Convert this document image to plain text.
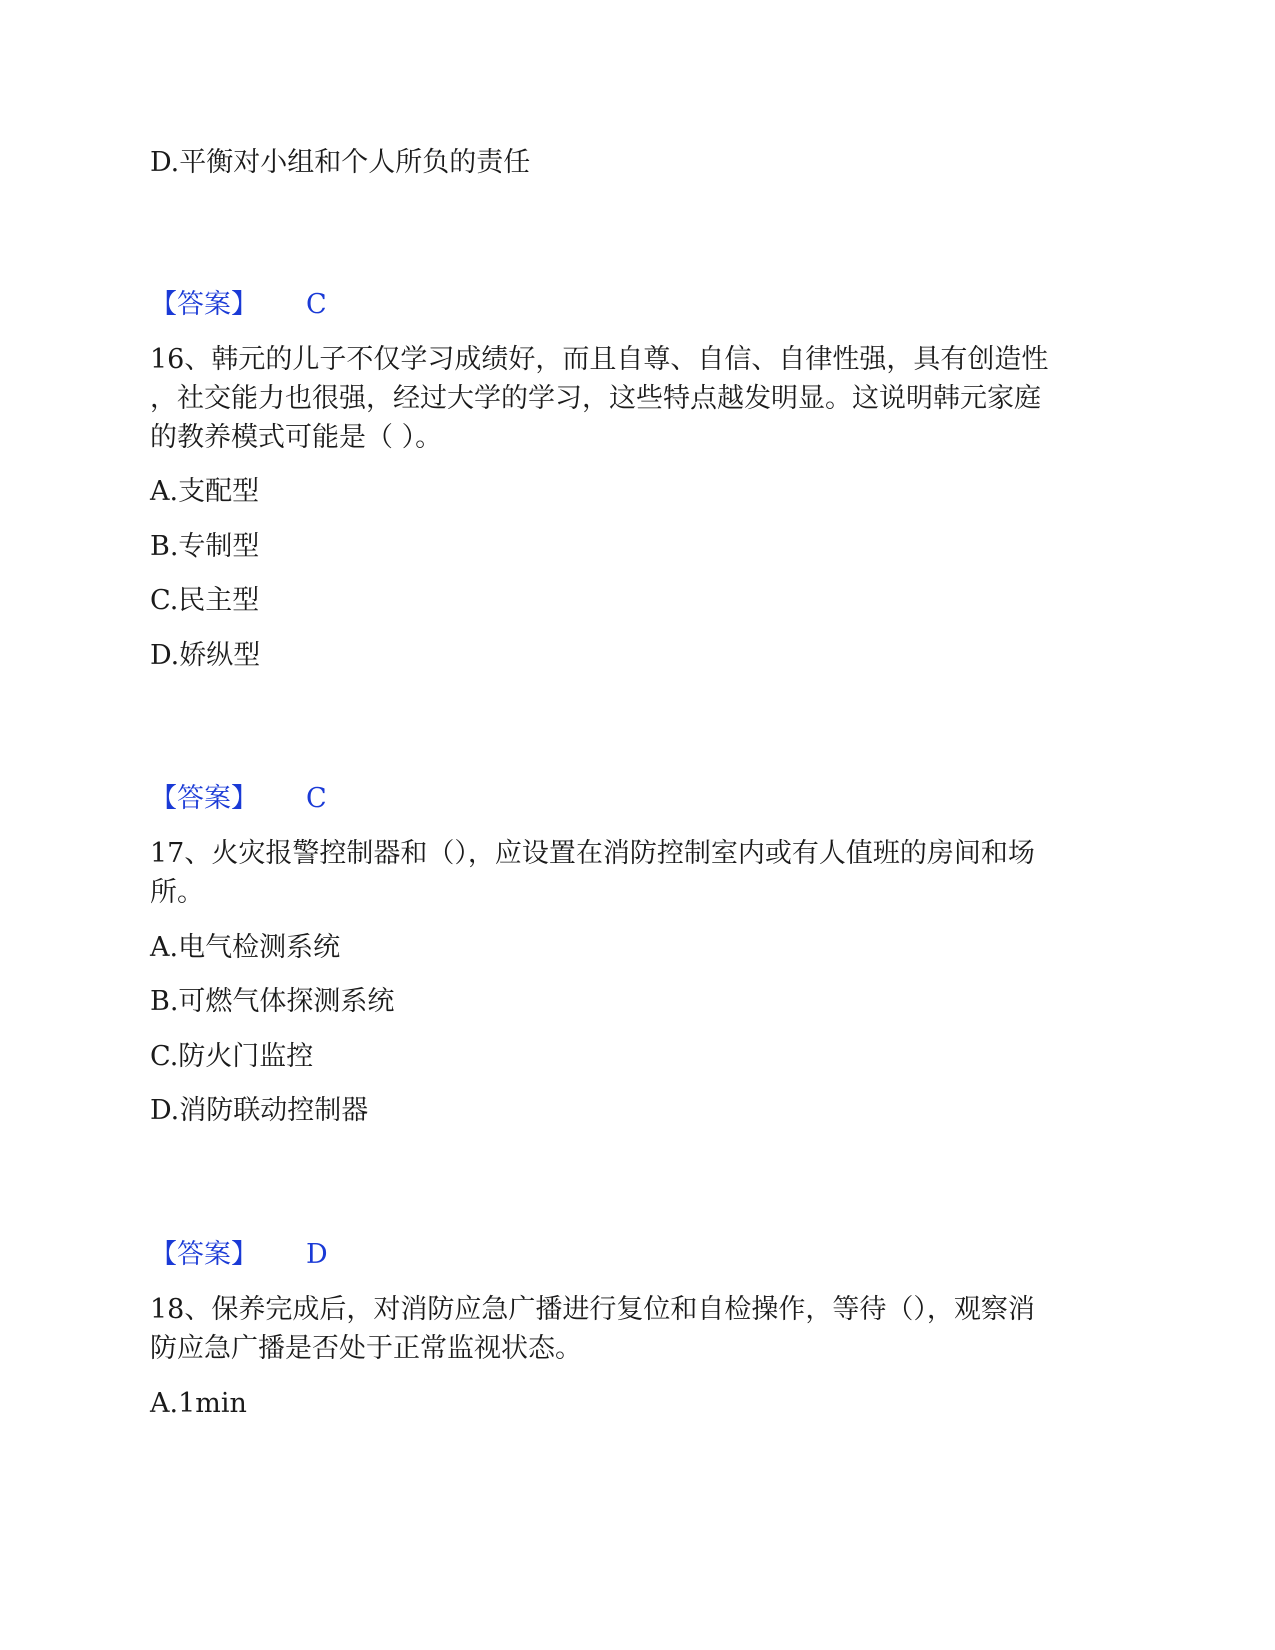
D.平衡对小组和个人所负的责任
【答案】 C
16、韩元的儿子不仅学习成绩好，而且自尊、自信、自律性强，具有创造性
，社交能力也很强，经过大学的学习，这些特点越发明显。这说明韩元家庭
的教养模式可能是（ ）。
A.支配型
B.专制型
C.民主型
D.娇纵型
【答案】 C
17、火灾报警控制器和（），应设置在消防控制室内或有人值班的房间和场
所。
A.电气检测系统
B.可燃气体探测系统
C.防火门监控
D.消防联动控制器
【答案】 D
18、保养完成后，对消防应急广播进行复位和自检操作，等待（），观察消
防应急广播是否处于正常监视状态。
A.1min
